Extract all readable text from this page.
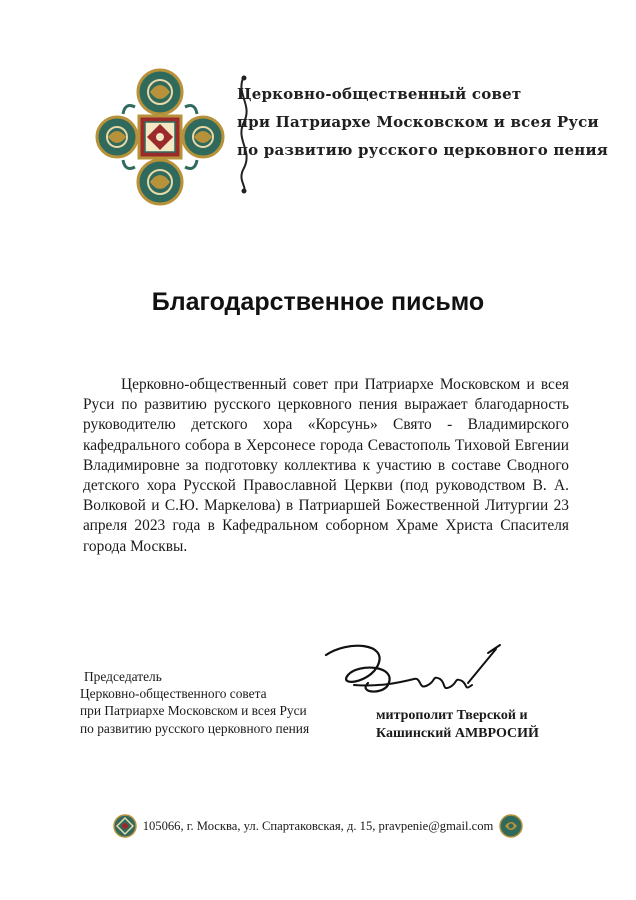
Церковно-общественный совет
при Патриархе Московском и всея Руси
по развитию русского церковного пения
Благодарственное письмо
Церковно-общественный совет при Патриархе Московском и всея Руси по развитию русского церковного пения выражает благодарность руководителю детского хора «Корсунь» Свято - Владимирского кафедрального собора в Херсонесе города Севастополь Тиховой Евгении Владимировне за подготовку коллектива к участию в составе Сводного детского хора Русской Православной Церкви (под руководством В. А. Волковой и С.Ю. Маркелова) в Патриаршей Божественной Литургии 23 апреля 2023 года в Кафедральном соборном Храме Христа Спасителя города Москвы.
Председатель
Церковно-общественного совета
при Патриархе Московском и всея Руси
по развитию русского церковного пения
митрополит Тверской и
Кашинский АМВРОСИЙ
105066, г. Москва, ул. Спартаковская, д. 15, pravpenie@gmail.com
